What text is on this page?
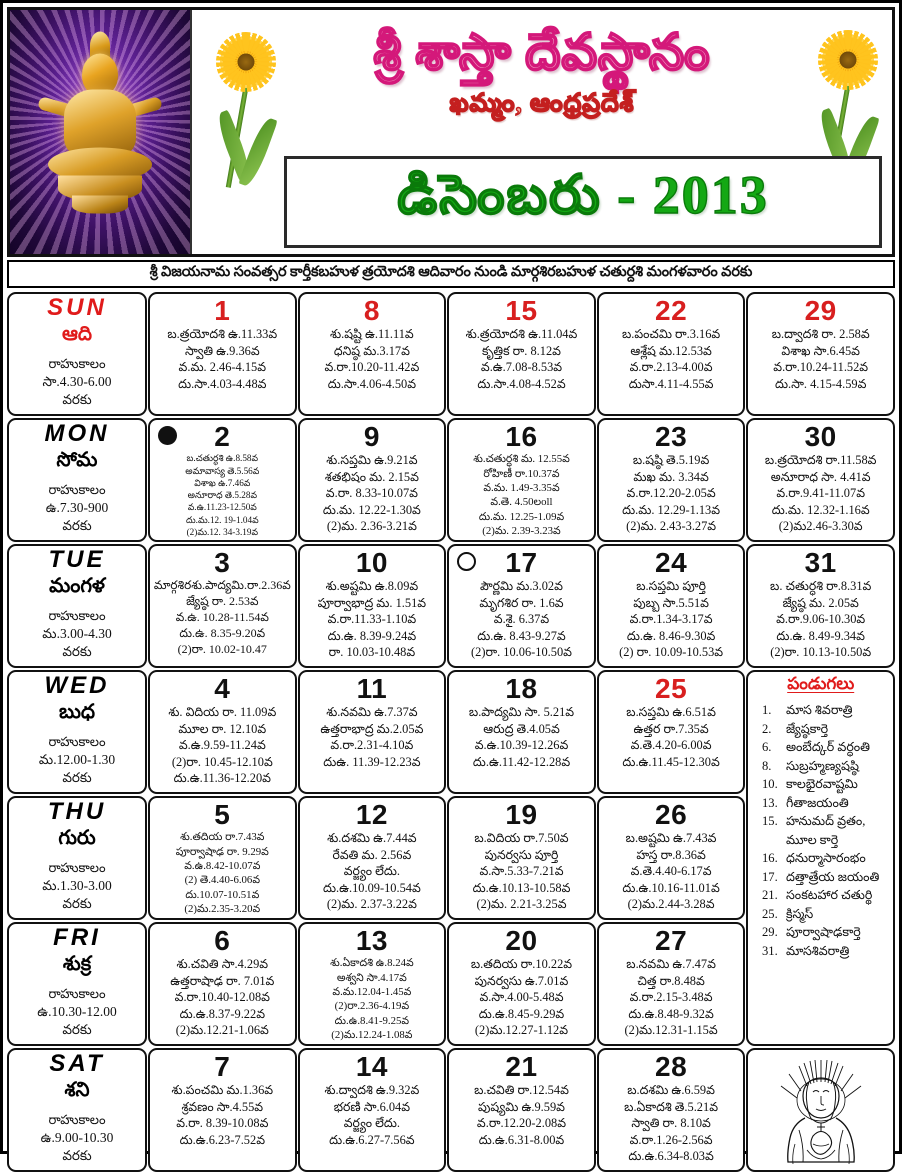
శ్రీ శాస్తా దేవస్థానం
ఖమ్మం, ఆంధ్రప్రదేశ్
డిసెంబరు - 2013
శ్రీ విజయనామ సంవత్సర కార్తీకబహుళ త్రయోదశి ఆదివారం నుండి మార్గశిరబహుళ చతుర్దశి మంగళవారం వరకు
SUN
ఆది
రాహుకాలం
సా.4.30-6.00
వరకు
1
బ.త్రయోదశి ఉ.11.33వ
స్వాతి ఉ.9.36వ
వ.మ. 2.46-4.15వ
దు.సా.4.03-4.48వ
8
శు.షష్టి ఉ.11.11వ
ధనిష్ఠ మ.3.17వ
వ.రా.10.20-11.42వ
దు.సా.4.06-4.50వ
15
శు.త్రయోదశి ఉ.11.04వ
కృత్తిక రా. 8.12వ
వ.ఉ.7.08-8.53వ
దు.సా.4.08-4.52వ
22
బ.పంచమి రా.3.16వ
ఆశ్లేష మ.12.53వ
వ.రా.2.13-4.00వ
దుసా.4.11-4.55వ
29
బ.ద్వాదశి రా. 2.58వ
విశాఖ సా.6.45వ
వ.రా.10.24-11.52వ
దు.సా. 4.15-4.59వ
MON
సోమ
రాహుకాలం
ఉ.7.30-900
వరకు
2
బ.చతుర్ధశి ఉ.8.58వ
అమావాస్య తె.5.56వ
విశాఖ ఉ.7.46వ
అనూరాధ తె.5.28వ
వ.ఉ.11.23-12.50వ
దు.మ.12. 19-1.04వ
(2)మ.12. 34-3.19వ
9
శు.సప్తమి ఉ.9.21వ
శతభిషం మ. 2.15వ
వ.రా. 8.33-10.07వ
దు.మ. 12.22-1.30వ
(2)మ. 2.36-3.21వ
16
శు.చతుర్ధశి మ. 12.55వ
రోహిణీ రా.10.37వ
వ.మ. 1.49-3.35వ
వ.తె. 4.50లoll
దు.మ. 12.25-1.09వ
(2)మ. 2.39-3.23వ
23
బ.షష్ఠి తె.5.19వ
మఖ మ. 3.34వ
వ.రా.12.20-2.05వ
దు.మ. 12.29-1.13వ
(2)మ. 2.43-3.27వ
30
బ.త్రయోదశి రా.11.58వ
అనూరాధ సా. 4.41వ
వ.రా.9.41-11.07వ
దు.మ. 12.32-1.16వ
(2)మ2.46-3.30వ
TUE
మంగళ
రాహుకాలం
మ.3.00-4.30
వరకు
3
మార్గశిరశు.పాద్యమి.రా.2.36వ
జ్యేష్ఠ రా. 2.53వ
వ.ఉ. 10.28-11.54వ
దు.ఉ. 8.35-9.20వ
(2)రా. 10.02-10.47
10
శు.అష్టమి ఉ.8.09వ
పూర్వాభాద్ర మ. 1.51వ
వ.రా.11.33-1.10వ
దు.ఉ. 8.39-9.24వ
రా. 10.03-10.48వ
17
పౌర్ణమి మ.3.02వ
మృగశిర రా. 1.6వ
వ.శై. 6.37వ
దు.ఉ. 8.43-9.27వ
(2)రా. 10.06-10.50వ
24
బ.సప్తమి పూర్తి
పుబ్బ సా.5.51వ
వ.రా.1.34-3.17వ
దు.ఉ. 8.46-9.30వ
(2) రా. 10.09-10.53వ
31
బ. చతుర్ధశి రా.8.31వ
జ్యేష్ఠ మ. 2.05వ
వ.రా.9.06-10.30వ
దు.ఉ. 8.49-9.34వ
(2)రా. 10.13-10.50వ
WED
బుధ
రాహుకాలం
మ.12.00-1.30
వరకు
4
శు. విదియ రా. 11.09వ
మూల రా. 12.10వ
వ.ఉ.9.59-11.24వ
(2)రా. 10.45-12.10వ
దు.ఉ.11.36-12.20వ
11
శు.నవమి ఉ.7.37వ
ఉత్తరాభాద్ర మ.2.05వ
వ.రా.2.31-4.10వ
దుఉ. 11.39-12.23వ
18
బ.పాద్యమి సా. 5.21వ
ఆరుద్ర తె.4.05వ
వ.ఉ.10.39-12.26వ
దు.ఉ.11.42-12.28వ
25
బ.సప్తమి ఉ.6.51వ
ఉత్తర రా.7.35వ
వ.తె.4.20-6.00వ
దు.ఉ.11.45-12.30వ
పండుగలు
1.	మాస శివరాత్రి
2.	జ్యేష్ఠకార్తె
6.	అంబేద్కర్ వర్ధంతి
8.	సుబ్రహ్మణ్యషష్ఠి
10. కాలభైరవాష్టమి
13. గీతాజయంతి
15. హనుమద్ వ్రతం,
మూల కార్తె
16. ధనుర్మాసారంభం
17. దత్తాత్రేయ జయంతి
21. సంకటహార చతుర్థి
25. క్రిస్మస్
29. పూర్వాషాఢకార్తె
31. మాసశివరాత్రి
THU
గురు
రాహుకాలం
మ.1.30-3.00
వరకు
5
శు.తదియ రా.7.43వ
పూర్వాషాఢ రా. 9.29వ
వ.ఉ.8.42-10.07వ
(2) తె.4.40-6.06వ
దు.10.07-10.51వ
(2)మ.2.35-3.20వ
12
శు.దశమి ఉ.7.44వ
రేవతి మ. 2.56వ
వర్జ్యం లేదు.
దు.ఉ.10.09-10.54వ
(2)మ. 2.37-3.22వ
19
బ.విదియ రా.7.50వ
పునర్వసు పూర్తి
వ.సా.5.33-7.21వ
దు.ఉ.10.13-10.58వ
(2)మ. 2.21-3.25వ
26
బ.అష్టమి ఉ.7.43వ
హస్త రా.8.36వ
వ.తె.4.40-6.17వ
దు.ఉ.10.16-11.01వ
(2)మ.2.44-3.28వ
FRI
శుక్ర
రాహుకాలం
ఉ.10.30-12.00
వరకు
6
శు.చవితి సా.4.29వ
ఉత్తరాషాఢ రా. 7.01వ
వ.రా.10.40-12.08వ
దు.ఉ.8.37-9.22వ
(2)మ.12.21-1.06వ
13
శు.ఏకాదశి ఉ.8.24వ
అశ్వని సా.4.17వ
వ.మ.12.04-1.45వ
(2)రా.2.36-4.19వ
దు.ఉ.8.41-9.25వ
(2)మ.12.24-1.08వ
20
బ.తదియ రా.10.22వ
పునర్వసు ఉ.7.01వ
వ.సా.4.00-5.48వ
దు.ఉ.8.45-9.29వ
(2)మ.12.27-1.12వ
27
బ.నవమి ఉ.7.47వ
చిత్త రా.8.48వ
వ.రా.2.15-3.48వ
దు.ఉ.8.48-9.32వ
(2)మ.12.31-1.15వ
SAT
శని
రాహుకాలం
ఉ.9.00-10.30
వరకు
7
శు.పంచమి మ.1.36వ
శ్రవణం సా.4.55వ
వ.రా. 8.39-10.08వ
దు.ఉ.6.23-7.52వ
14
శు.ద్వాదశి ఉ.9.32వ
భరణి సా.6.04వ
వర్జ్యం లేదు.
దు.ఉ.6.27-7.56వ
21
బ.చవితి రా.12.54వ
పుష్యమి ఉ.9.59వ
వ.రా.12.20-2.08వ
దు.ఉ.6.31-8.00వ
28
బ.దశమి ఉ.6.59వ
బ.ఏకాదశి తె.5.21వ
స్వాతి రా. 8.10వ
వ.రా.1.26-2.56వ
దు.ఉ.6.34-8.03వ
